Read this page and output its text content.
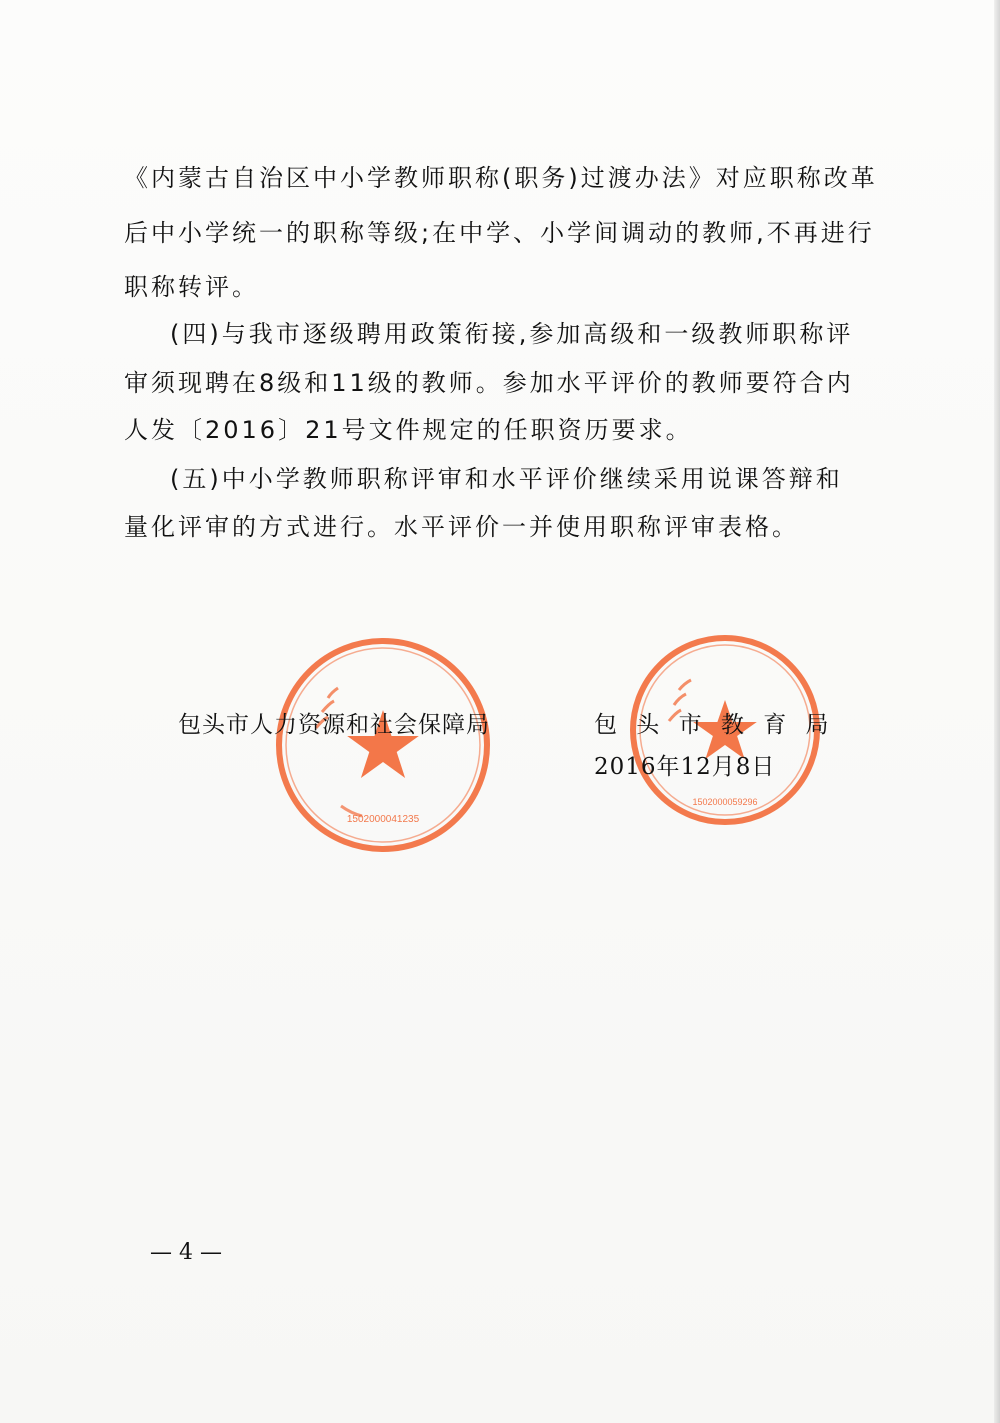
《内蒙古自治区中小学教师职称(职务)过渡办法》对应职称改革
后中小学统一的职称等级;在中学、小学间调动的教师,不再进行
职称转评。
(四)与我市逐级聘用政策衔接,参加高级和一级教师职称评
审须现聘在8级和11级的教师。参加水平评价的教师要符合内
人发〔2016〕21号文件规定的任职资历要求。
(五)中小学教师职称评审和水平评价继续采用说课答辩和
量化评审的方式进行。水平评价一并使用职称评审表格。
1502000041235
1502000059296
包头市人力资源和社会保障局	包 头 市 教 育 局
2016年12月8日
— 4 —
